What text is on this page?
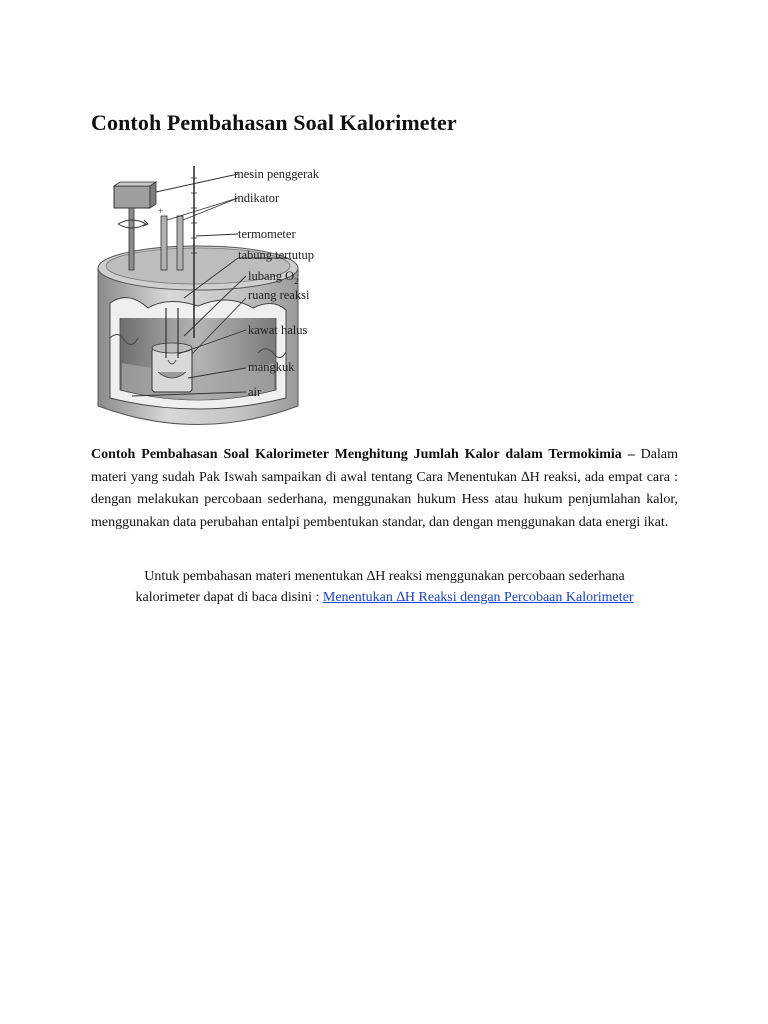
Contoh Pembahasan Soal Kalorimeter
+
mesin penggerak
indikator
termometer
tabung tertutup
lubang $O_2$
ruang reaksi
kawat halus
mangkuk
air

Contoh Pembahasan Soal Kalorimeter Menghitung Jumlah Kalor dalam Termokimia – Dalam materi yang sudah Pak Iswah sampaikan di awal tentang Cara Menentukan ∆H reaksi, ada empat cara : dengan melakukan percobaan sederhana, menggunakan hukum Hess atau hukum penjumlahan kalor, menggunakan data perubahan entalpi pembentukan standar, dan dengan menggunakan data energi ikat.

Untuk pembahasan materi menentukan ∆H reaksi menggunakan percobaan sederhana
kalorimeter dapat di baca disini : Menentukan ∆H Reaksi dengan Percobaan Kalorimeter
